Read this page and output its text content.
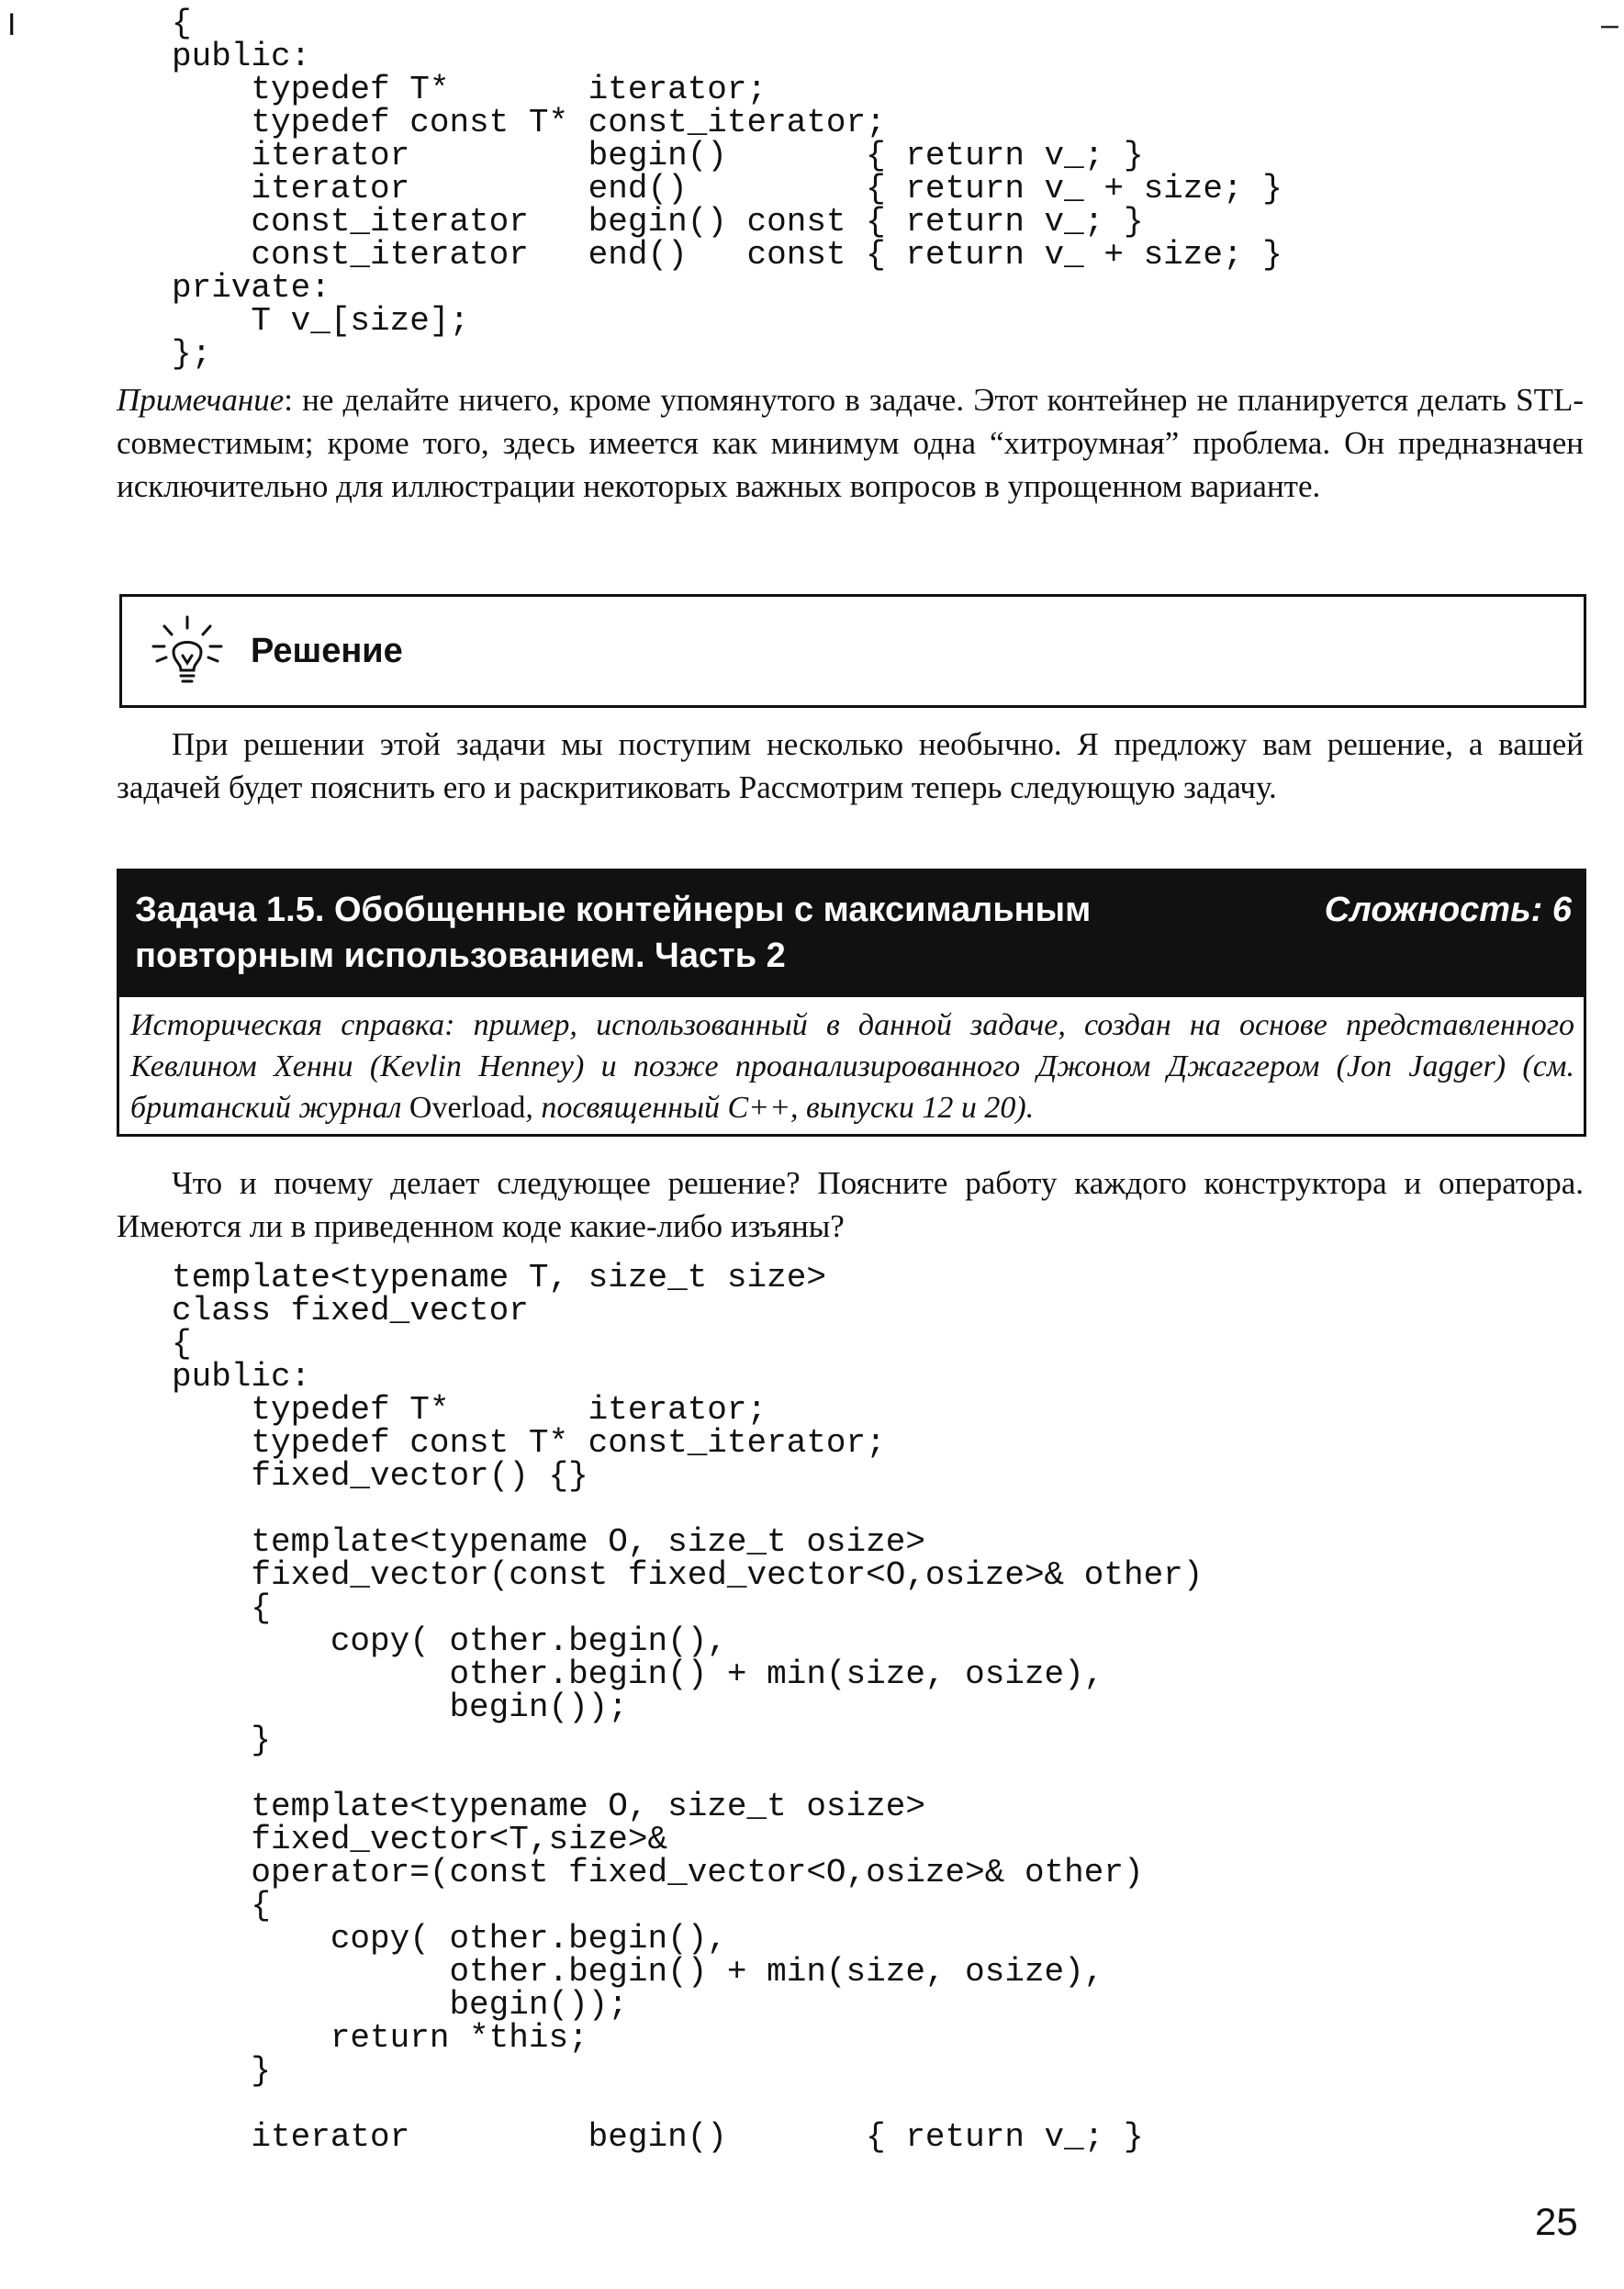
I	–
{
public:
typedef T*       iterator;
typedef const T* const_iterator;
iterator         begin()       { return v_; }
iterator         end()         { return v_ + size; }
const_iterator   begin() const { return v_; }
const_iterator   end()   const { return v_ + size; }
private:
T v_[size];
};

Примечание: не делайте ничего, кроме упомянутого в задаче. Этот контейнер не планируется делать STL-совместимым; кроме того, здесь имеется как минимум одна “хитроумная” проблема. Он предназначен исключительно для иллюстрации некоторых важных вопросов в упрощенном варианте.

Решение

При решении этой задачи мы поступим несколько необычно. Я предложу вам решение, а вашей задачей будет пояснить его и раскритиковать Рассмотрим теперь следующую задачу.

Задача 1.5. Обобщенные контейнеры с максимальным повторным использованием. Часть 2
Сложность: 6
Историческая справка: пример, использованный в данной задаче, создан на основе представленного Кевлином Хенни (Kevlin Henney) и позже проанализированного Джоном Джаггером (Jon Jagger) (см. британский журнал Overload, посвященный С++, выпуски 12 и 20).

Что и почему делает следующее решение? Поясните работу каждого конструктора и оператора. Имеются ли в приведенном коде какие-либо изъяны?

template<typename T, size_t size>
class fixed_vector
{
public:
typedef T*       iterator;
typedef const T* const_iterator;
fixed_vector() {}

template<typename O, size_t osize>
fixed_vector(const fixed_vector<O,osize>& other)
{
copy( other.begin(),
other.begin() + min(size, osize),
begin());
}

template<typename O, size_t osize>
fixed_vector<T,size>&
operator=(const fixed_vector<O,osize>& other)
{
copy( other.begin(),
other.begin() + min(size, osize),
begin());
return *this;
}

iterator         begin()       { return v_; }
25
